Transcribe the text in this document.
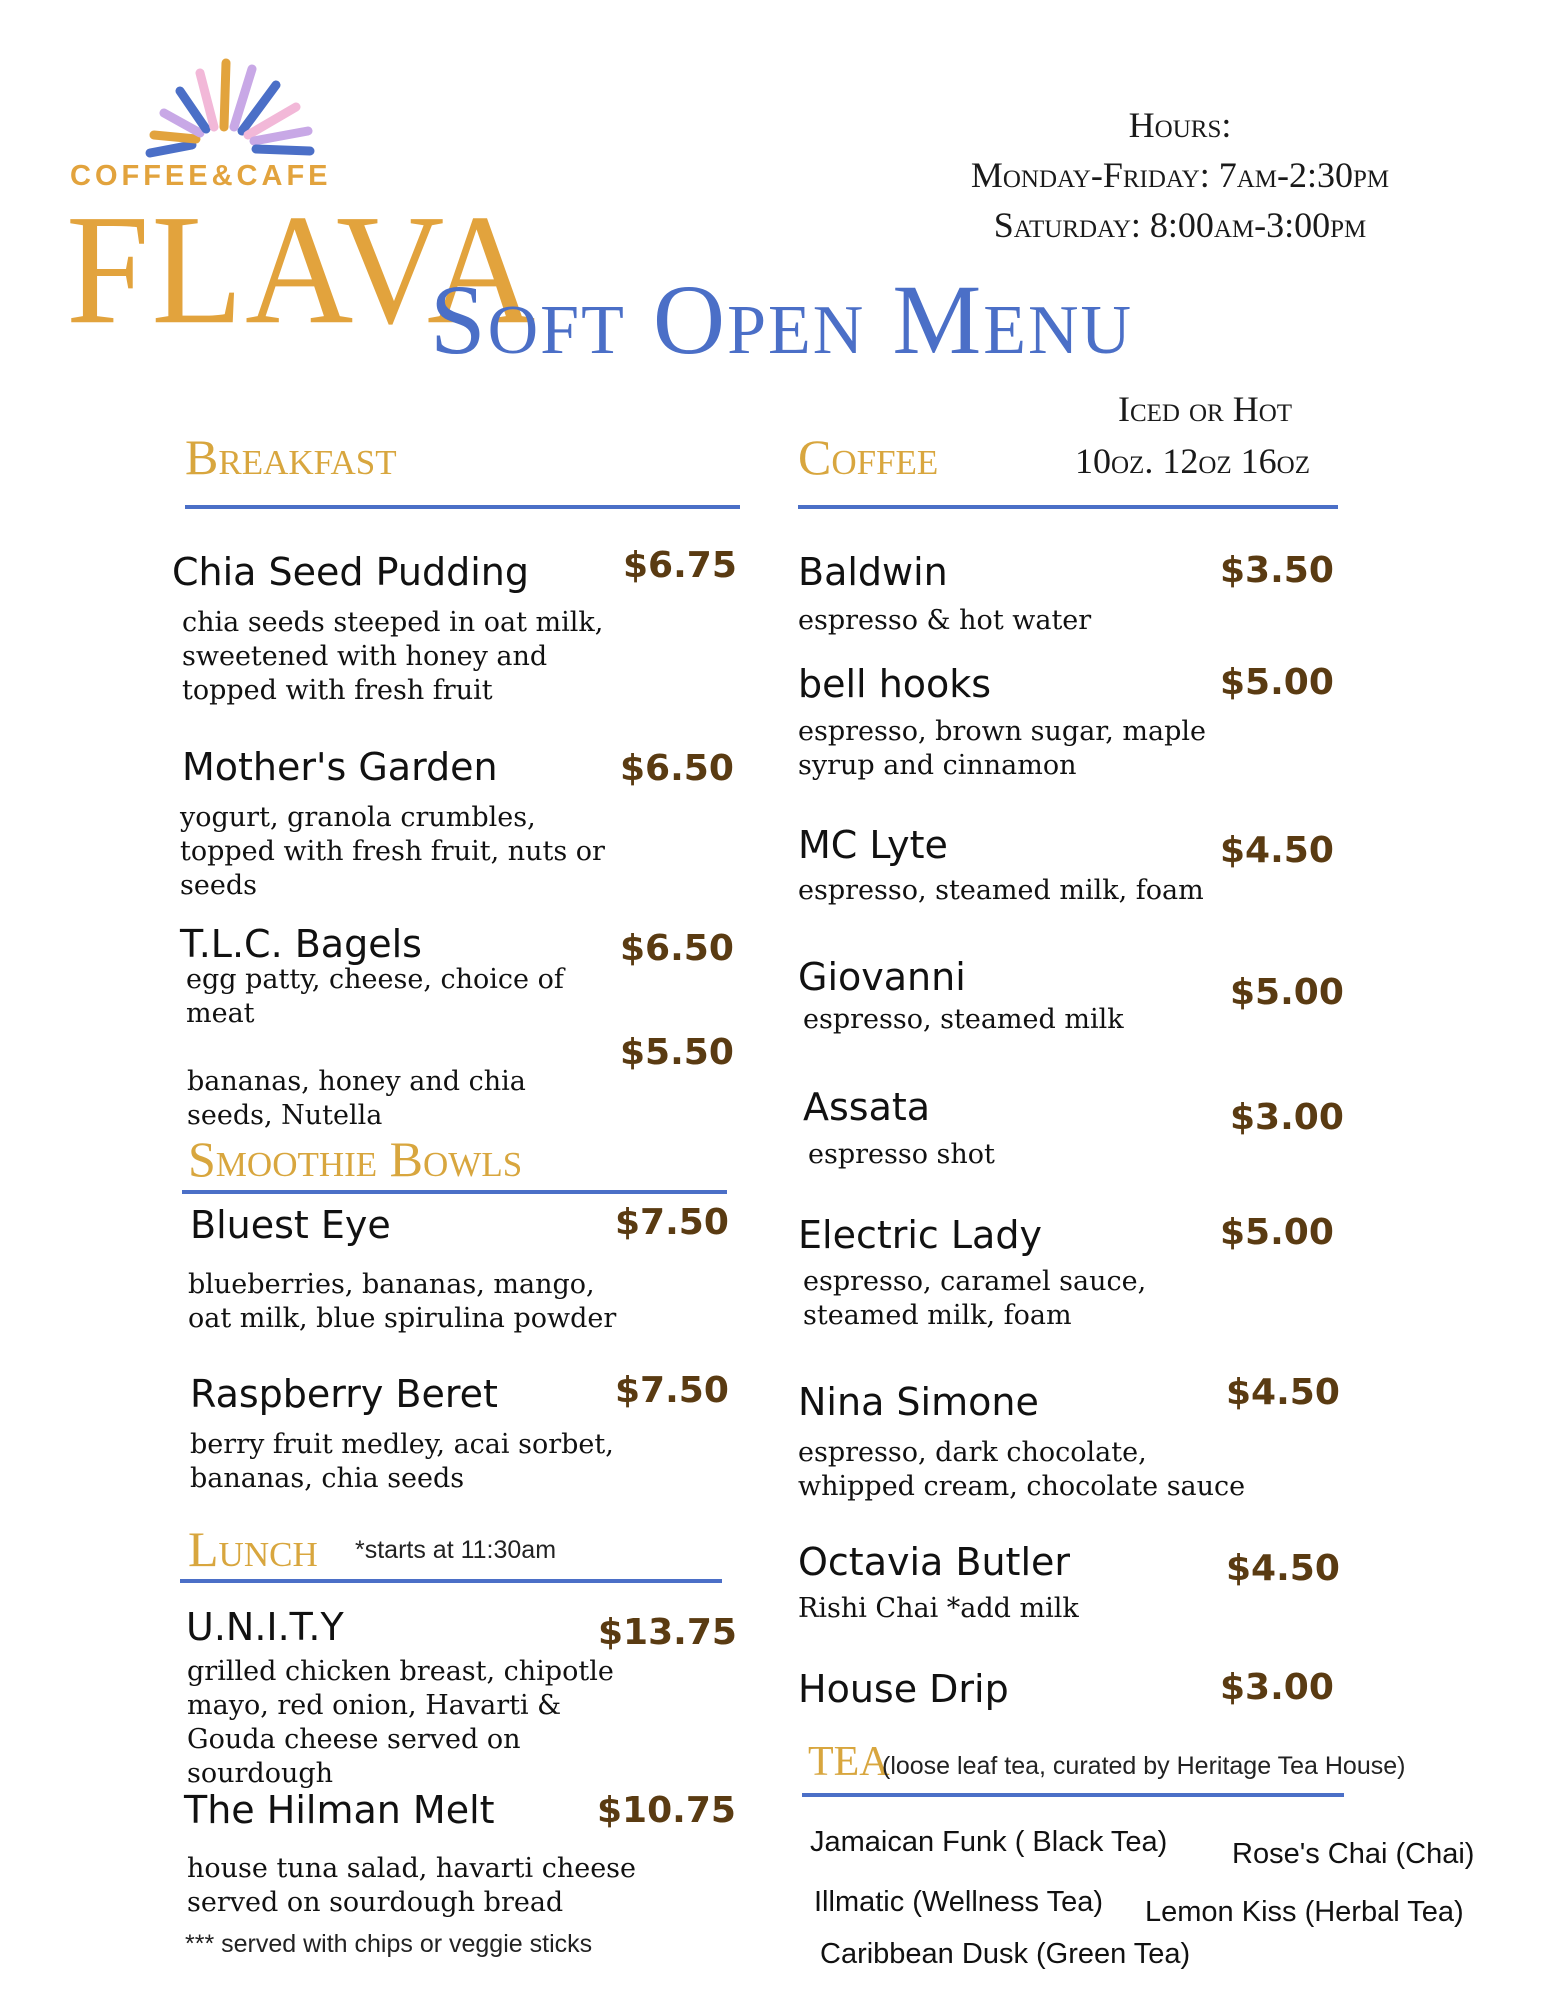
COFFEE&CAFE
FLAVA
Hours:
Monday-Friday: 7am-2:30pm
Saturday: 8:00am-3:00pm
Soft Open Menu
Breakfast
Chia Seed Pudding	$6.75
chia seeds steeped in oat milk,
sweetened with honey and
topped with fresh fruit
Mother's Garden	$6.50
yogurt, granola crumbles,
topped with fresh fruit, nuts or
seeds
T.L.C. Bagels	$6.50
egg patty, cheese, choice of
meat
$5.50
bananas, honey and chia
seeds, Nutella
Smoothie Bowls
Bluest Eye	$7.50
blueberries, bananas, mango,
oat milk, blue spirulina powder
Raspberry Beret	$7.50
berry fruit medley, acai sorbet,
bananas, chia seeds
Lunch *starts at 11:30am
U.N.I.T.Y	$13.75
grilled chicken breast, chipotle
mayo, red onion, Havarti &
Gouda cheese served on
sourdough
The Hilman Melt	$10.75
house tuna salad, havarti cheese
served on sourdough bread
*** served with chips or veggie sticks
Coffee
Iced or Hot
10oz. 12oz 16oz
Baldwin	$3.50
espresso & hot water
bell hooks	$5.00
espresso, brown sugar, maple
syrup and cinnamon
MC Lyte	$4.50
espresso, steamed milk, foam
Giovanni	$5.00
espresso, steamed milk
Assata	$3.00
espresso shot
Electric Lady	$5.00
espresso, caramel sauce,
steamed milk, foam
Nina Simone	$4.50
espresso, dark chocolate,
whipped cream, chocolate sauce
Octavia Butler	$4.50
Rishi Chai *add milk
House Drip	$3.00
TEA
(loose leaf tea, curated by Heritage Tea House)
Jamaican Funk ( Black Tea) Rose's Chai (Chai)
Illmatic (Wellness Tea) Lemon Kiss (Herbal Tea)
Caribbean Dusk (Green Tea)
